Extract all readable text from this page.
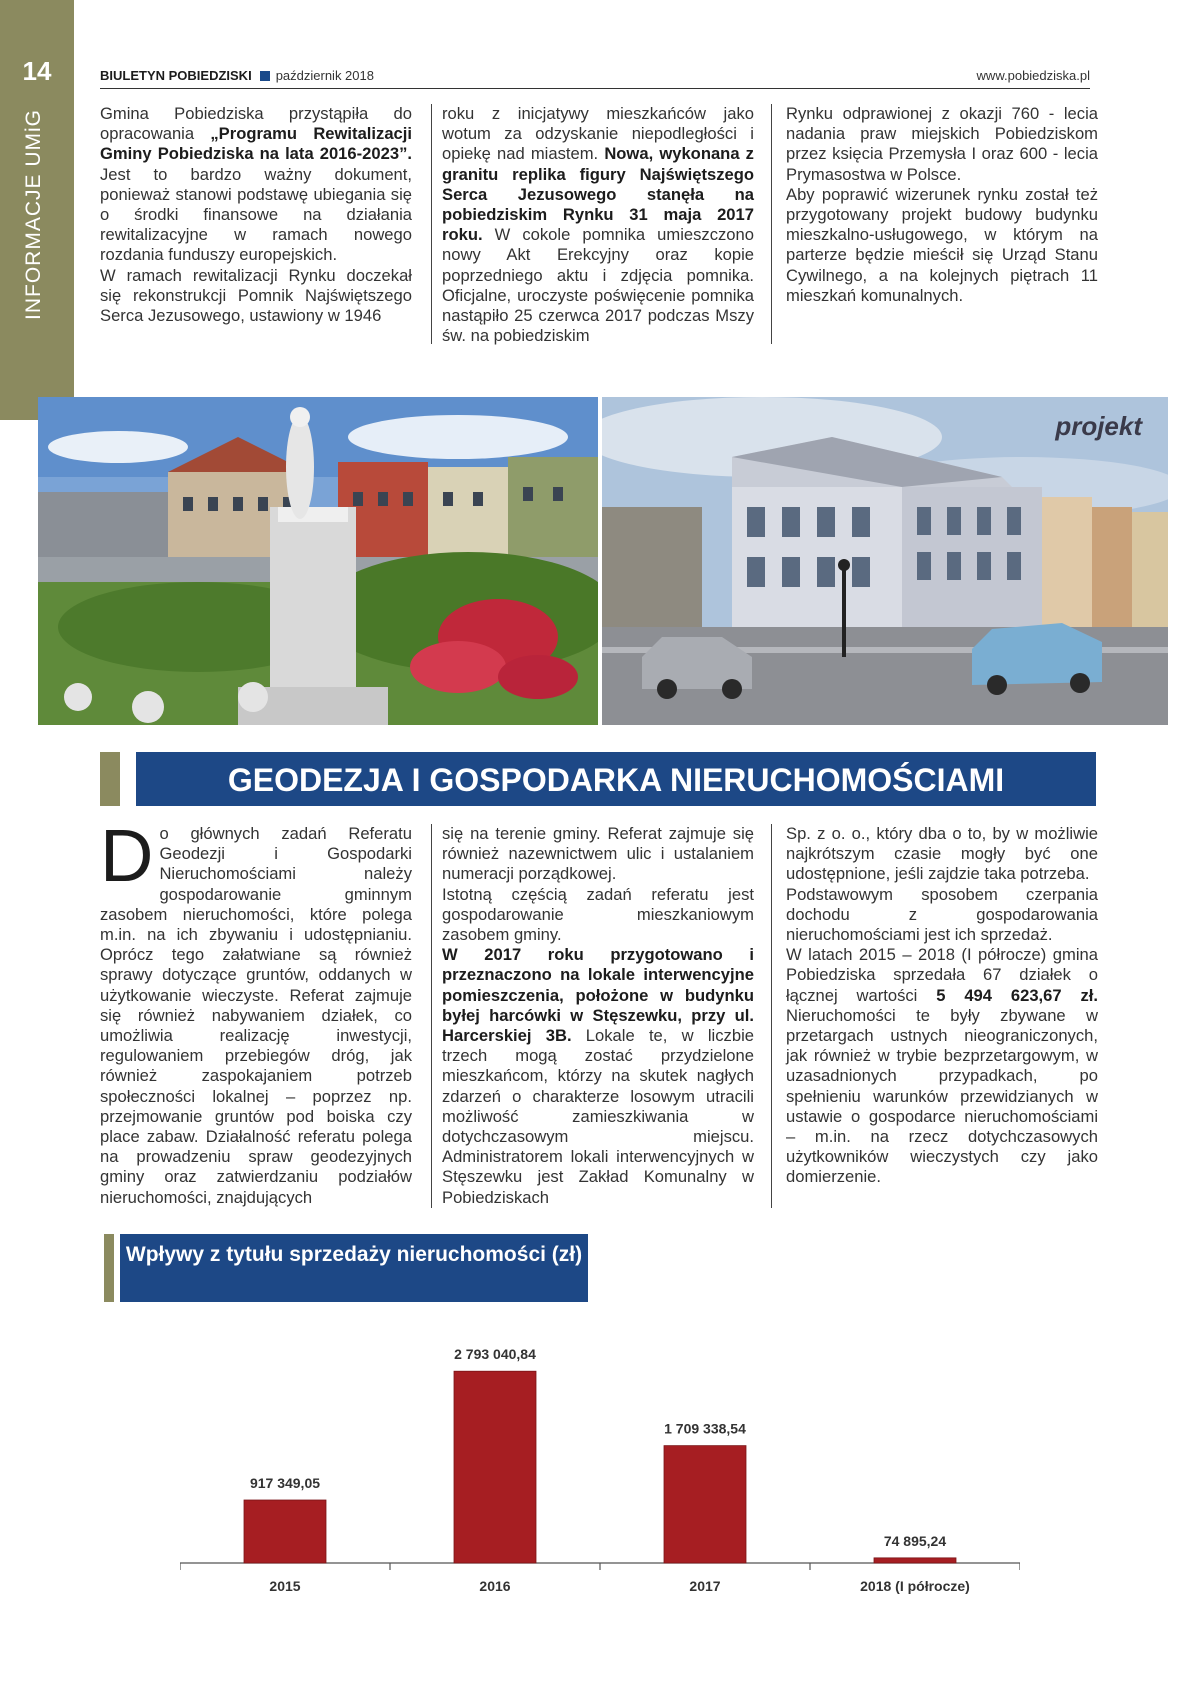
14
INFORMACJE UMiG
BIULETYN POBIEDZISKI październik 2018	www.pobiedziska.pl

Gmina Pobiedziska przystąpiła do opracowania „Programu Rewitalizacji Gminy Pobiedziska na lata 2016-2023”. Jest to bardzo ważny dokument, ponieważ stanowi podstawę ubiegania się o środki finansowe na działania rewitalizacyjne w ramach nowego rozdania funduszy europejskich.

W ramach rewitalizacji Rynku doczekał się rekonstrukcji Pomnik Najświętszego Serca Jezusowego, ustawiony w 1946

roku z inicjatywy mieszkańców jako wotum za odzyskanie niepodległości i opiekę nad miastem. Nowa, wykonana z granitu replika figury Najświętszego Serca Jezusowego stanęła na pobiedziskim Rynku 31 maja 2017 roku. W cokole pomnika umieszczono nowy Akt Erekcyjny oraz kopie poprzedniego aktu i zdjęcia pomnika. Oficjalne, uroczyste poświęcenie pomnika nastąpiło 25 czerwca 2017 podczas Mszy św. na pobiedziskim

Rynku odprawionej z okazji 760 - lecia nadania praw miejskich Pobiedziskom przez księcia Przemysła I oraz 600 - lecia Prymasostwa w Polsce.

Aby poprawić wizerunek rynku został też przygotowany projekt budowy budynku mieszkalno-usługowego, w którym na parterze będzie mieścił się Urząd Stanu Cywilnego, a na kolejnych piętrach 11 mieszkań komunalnych.

projekt
GEODEZJA I GOSPODARKA NIERUCHOMOŚCIAMI

Do głównych zadań Referatu Geodezji i Gospodarki Nieruchomościami należy gospodarowanie gminnym zasobem nieruchomości, które polega m.in. na ich zbywaniu i udostępnianiu. Oprócz tego załatwiane są również sprawy dotyczące gruntów, oddanych w użytkowanie wieczyste. Referat zajmuje się również nabywaniem działek, co umożliwia realizację inwestycji, regulowaniem przebiegów dróg, jak również zaspokajaniem potrzeb społeczności lokalnej – poprzez np. przejmowanie gruntów pod boiska czy place zabaw. Działalność referatu polega na prowadzeniu spraw geodezyjnych gminy oraz zatwierdzaniu podziałów nieruchomości, znajdujących

się na terenie gminy. Referat zajmuje się również nazewnictwem ulic i ustalaniem numeracji porządkowej.

Istotną częścią zadań referatu jest gospodarowanie mieszkaniowym zasobem gminy.

W 2017 roku przygotowano i przeznaczono na lokale interwencyjne pomieszczenia, położone w budynku byłej harcówki w Stęszewku, przy ul. Harcerskiej 3B. Lokale te, w liczbie trzech mogą zostać przydzielone mieszkańcom, którzy na skutek nagłych zdarzeń o charakterze losowym utracili możliwość zamieszkiwania w dotychczasowym miejscu. Administratorem lokali interwencyjnych w Stęszewku jest Zakład Komunalny w Pobiedziskach

Sp. z o. o., który dba o to, by w możliwie najkrótszym czasie mogły być one udostępnione, jeśli zajdzie taka potrzeba.

Podstawowym sposobem czerpania dochodu z gospodarowania nieruchomościami jest ich sprzedaż.

W latach 2015 – 2018 (I półrocze) gmina Pobiedziska sprzedała 67 działek o łącznej wartości 5 494 623,67 zł. Nieruchomości te były zbywane w przetargach ustnych nieograniczonych, jak również w trybie bezprzetargowym, w uzasadnionych przypadkach, po spełnieniu warunków przewidzianych w ustawie o gospodarce nieruchomościami – m.in. na rzecz dotychczasowych użytkowników wieczystych czy jako domierzenie.

Wpływy z tytułu sprzedaży nieruchomości (zł)
917 349,05
2015
2 793 040,84
2016
1 709 338,54
2017
74 895,24
2018 (I półrocze)
